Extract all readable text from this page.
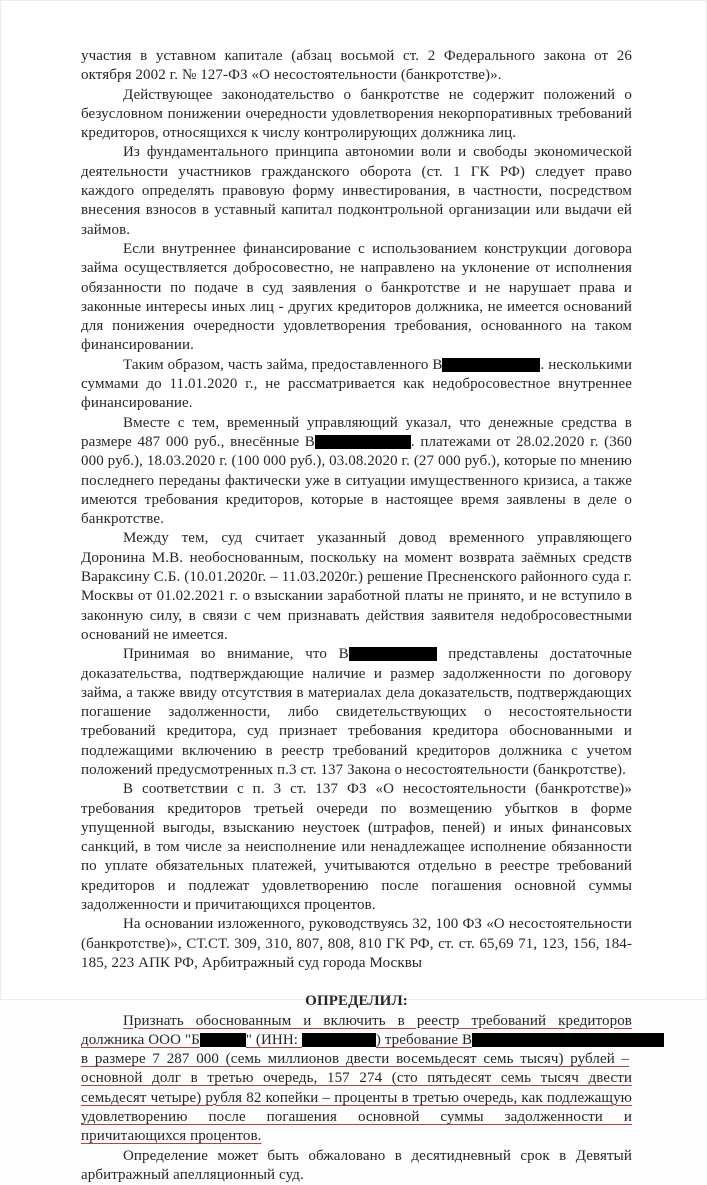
участия в уставном капитале (абзац восьмой ст. 2 Федерального закона от 26 октября 2002 г. № 127-ФЗ «О несостоятельности (банкротстве)».

Действующее законодательство о банкротстве не содержит положений о безусловном понижении очередности удовлетворения некорпоративных требований кредиторов, относящихся к числу контролирующих должника лиц.

Из фундаментального принципа автономии воли и свободы экономической деятельности участников гражданского оборота (ст. 1 ГК РФ) следует право каждого определять правовую форму инвестирования, в частности, посредством внесения взносов в уставный капитал подконтрольной организации или выдачи ей займов.

Если внутреннее финансирование с использованием конструкции договора займа осуществляется добросовестно, не направлено на уклонение от исполнения обязанности по подаче в суд заявления о банкротстве и не нарушает права и законные интересы иных лиц - других кредиторов должника, не имеется оснований для понижения очередности удовлетворения требования, основанного на таком финансировании.

Таким образом, часть займа, предоставленного В	. несколькими суммами до 11.01.2020 г., не рассматривается как недобросовестное внутреннее финансирование.

Вместе с тем, временный управляющий указал, что денежные средства в размере 487 000 руб., внесённые В	. платежами от 28.02.2020 г. (360 000 руб.), 18.03.2020 г. (100 000 руб.), 03.08.2020 г. (27 000 руб.), которые по мнению последнего переданы фактически уже в ситуации имущественного кризиса, а также имеются требования кредиторов, которые в настоящее время заявлены в деле о банкротстве.

Между тем, суд считает указанный довод временного управляющего Доронина М.В. необоснованным, поскольку на момент возврата заёмных средств Вараксину С.Б. (10.01.2020г. – 11.03.2020г.) решение Пресненского районного суда г. Москвы от 01.02.2021 г. о взыскании заработной платы не принято, и не вступило в законную силу, в связи с чем признавать действия заявителя недобросовестными оснований не имеется.

Принимая во внимание, что В	представлены достаточные доказательства, подтверждающие наличие и размер задолженности по договору займа, а также ввиду отсутствия в материалах дела доказательств, подтверждающих погашение задолженности, либо свидетельствующих о несостоятельности требований кредитора, суд признает требования кредитора обоснованными и подлежащими включению в реестр требований кредиторов должника с учетом положений предусмотренных п.3 ст. 137 Закона о несостоятельности (банкротстве).

В соответствии с п. 3 ст. 137 ФЗ «О несостоятельности (банкротстве)» требования кредиторов третьей очереди по возмещению убытков в форме упущенной выгоды, взысканию неустоек (штрафов, пеней) и иных финансовых санкций, в том числе за неисполнение или ненадлежащее исполнение обязанности по уплате обязательных платежей, учитываются отдельно в реестре требований кредиторов и подлежат удовлетворению после погашения основной суммы задолженности и причитающихся процентов.

На основании изложенного, руководствуясь 32, 100 ФЗ «О несостоятельности (банкротстве)», СТ.СТ. 309, 310, 807, 808, 810 ГК РФ, ст. ст. 65,69 71, 123, 156, 184-185, 223 АПК РФ, Арбитражный суд города Москвы

ОПРЕДЕЛИЛ:

Признать обоснованным и включить в реестр требований кредиторов должника ООО "Б	" (ИНН:	) требование В в размере 7 287 000 (семь миллионов двести восемьдесят семь тысяч) рублей – основной долг в третью очередь, 157 274 (сто пятьдесят семь тысяч двести семьдесят четыре) рубля 82 копейки – проценты в третью очередь, как подлежащую удовлетворению после погашения основной суммы задолженности и причитающихся процентов.

Определение может быть обжаловано в десятидневный срок в Девятый арбитражный апелляционный суд.
